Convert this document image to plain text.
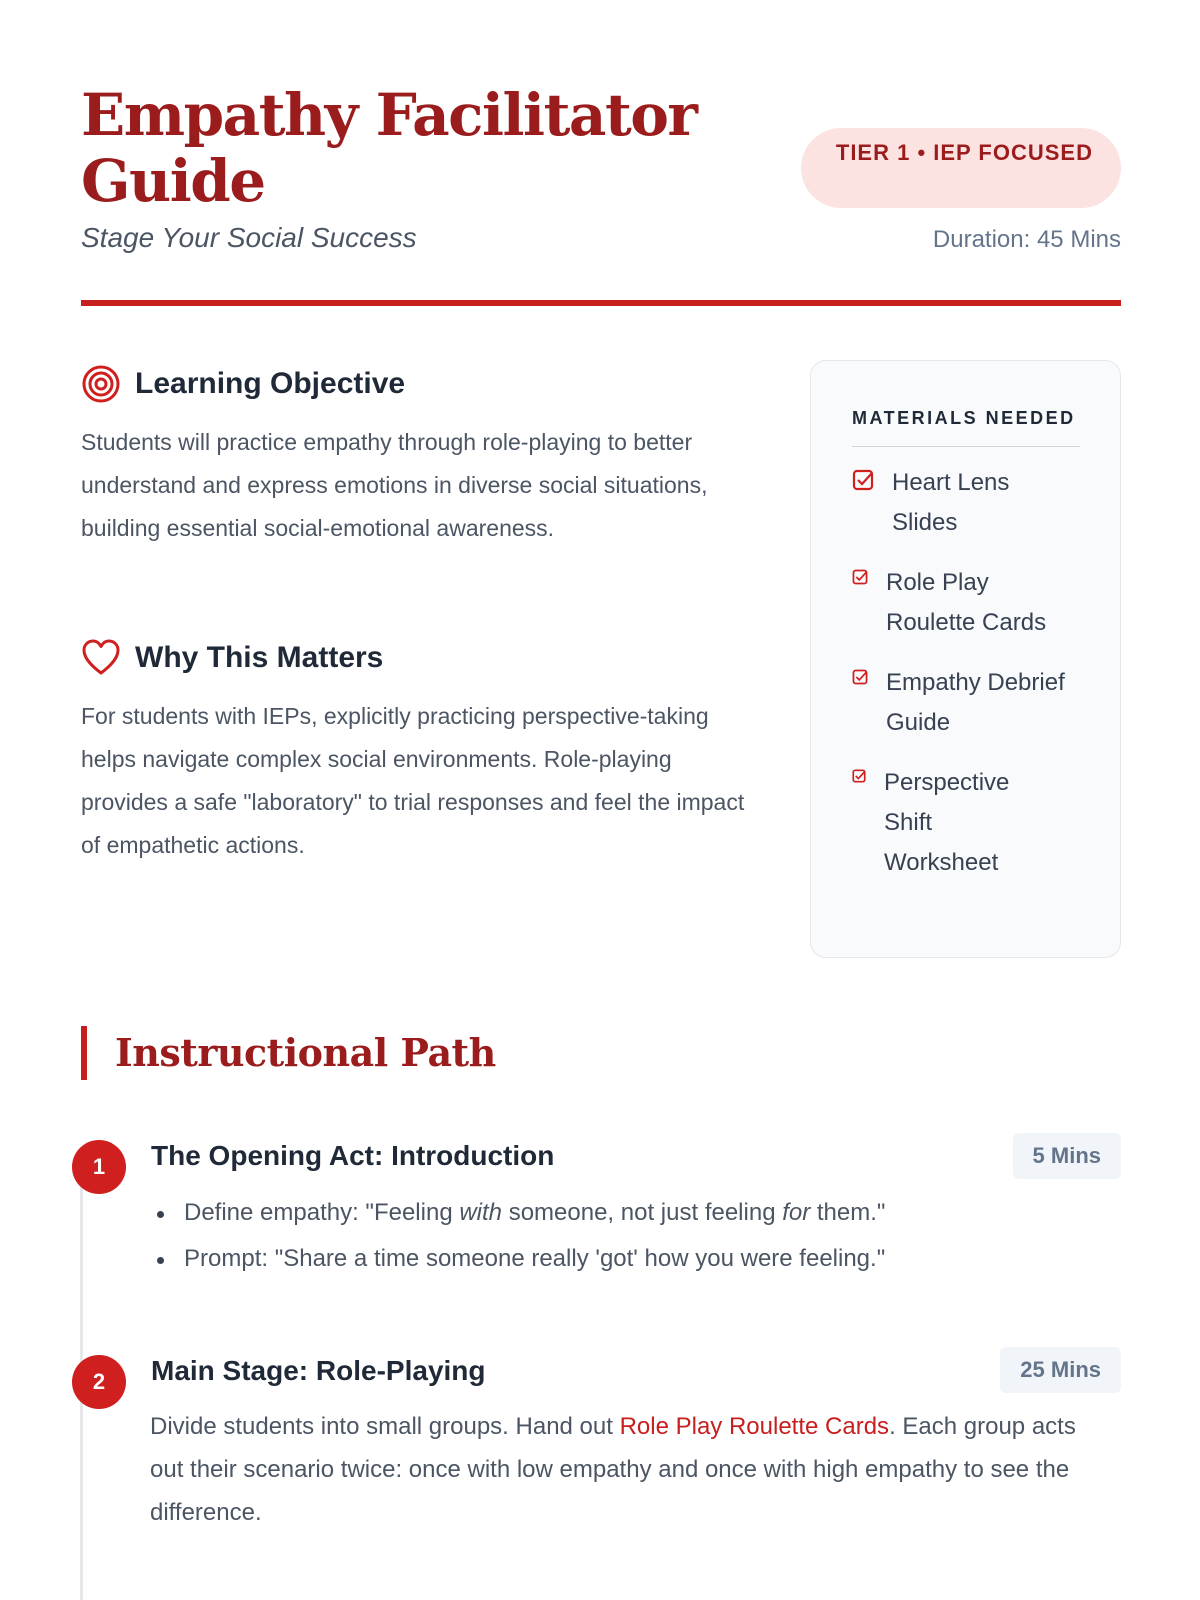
Empathy Facilitator Guide

Stage Your Social Success

TIER 1 • IEP FOCUSED
Duration: 45 Mins
Learning Objective

Students will practice empathy through role-playing to better understand and express emotions in diverse social situations, building essential social-emotional awareness.

Why This Matters

For students with IEPs, explicitly practicing perspective-taking helps navigate complex social environments. Role-playing provides a safe "laboratory" to trial responses and feel the impact of empathetic actions.

MATERIALS NEEDED
Heart Lens Slides
Role Play Roulette Cards
Empathy Debrief Guide
Perspective Shift Worksheet
Instructional Path
1	The Opening Act: Introduction	5 Mins
Define empathy: "Feeling with someone, not just feeling for them."
Prompt: "Share a time someone really 'got' how you were feeling."
2	Main Stage: Role-Playing	25 Mins

Divide students into small groups. Hand out Role Play Roulette Cards. Each group acts out their scenario twice: once with low empathy and once with high empathy to see the difference.
